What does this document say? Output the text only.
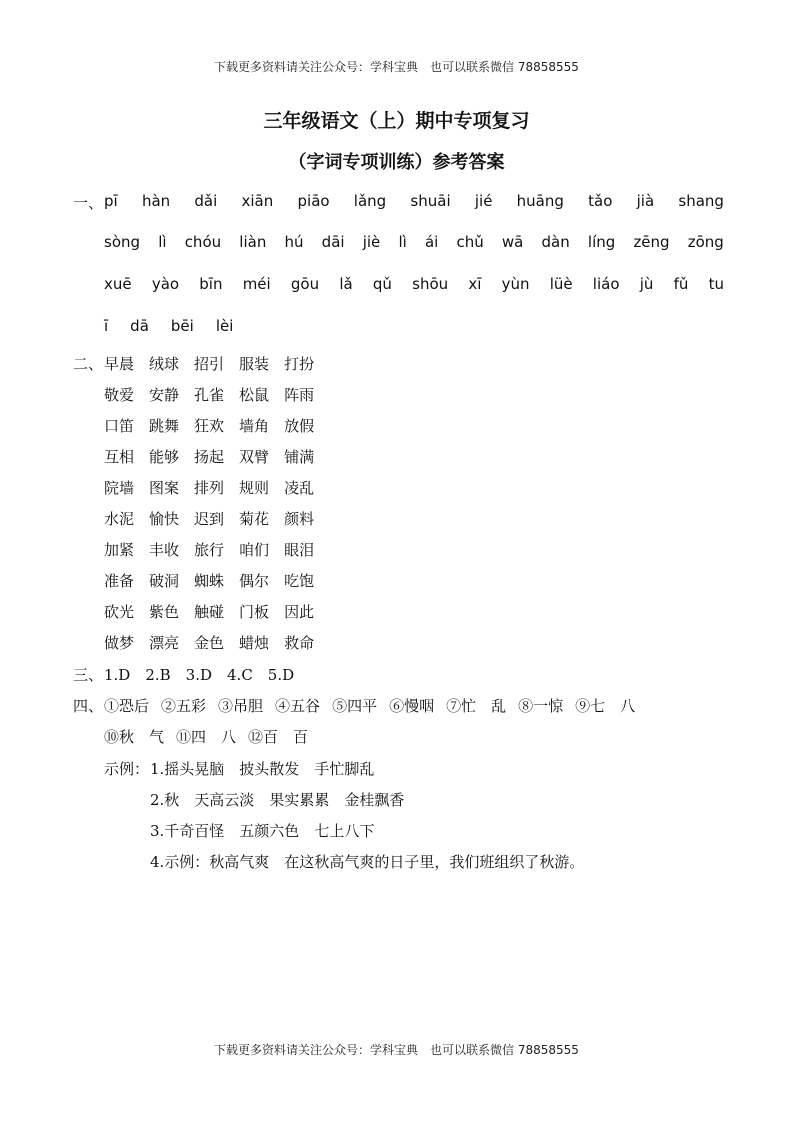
下载更多资料请关注公众号：学科宝典　也可以联系微信 78858555
三年级语文（上）期中专项复习
（字词专项训练）参考答案
一、 pī hàn dǎi xiān piāo lǎng shuāi jié huāng tǎo jià shang
sòng lì chóu liàn hú dāi jiè lì ái chǔ wā dàn líng zēng zōng
xuē yào bīn méi gōu lǎ qǔ shōu xī yùn lüè liáo jù fǔ tu
ī dā bēi lèi
二、 早晨 绒球 招引 服装 打扮
敬爱 安静 孔雀 松鼠 阵雨
口笛 跳舞 狂欢 墙角 放假
互相 能够 扬起 双臂 铺满
院墙 图案 排列 规则 凌乱
水泥 愉快 迟到 菊花 颜料
加紧 丰收 旅行 咱们 眼泪
准备 破洞 蜘蛛 偶尔 吃饱
砍光 紫色 触碰 门板 因此
做梦 漂亮 金色 蜡烛 救命
三、 1.D　2.B　3.D　4.C　5.D
四、 ①恐后 ②五彩 ③吊胆 ④五谷 ⑤四平 ⑥慢咽 ⑦忙　乱 ⑧一惊 ⑨七　八
⑩秋　气 ⑪四　八 ⑫百　百
示例： 1.摇头晃脑　披头散发　手忙脚乱
2.秋　天高云淡　果实累累　金桂飘香
3.千奇百怪　五颜六色　七上八下
4.示例：秋高气爽　在这秋高气爽的日子里，我们班组织了秋游。
下载更多资料请关注公众号：学科宝典　也可以联系微信 78858555
